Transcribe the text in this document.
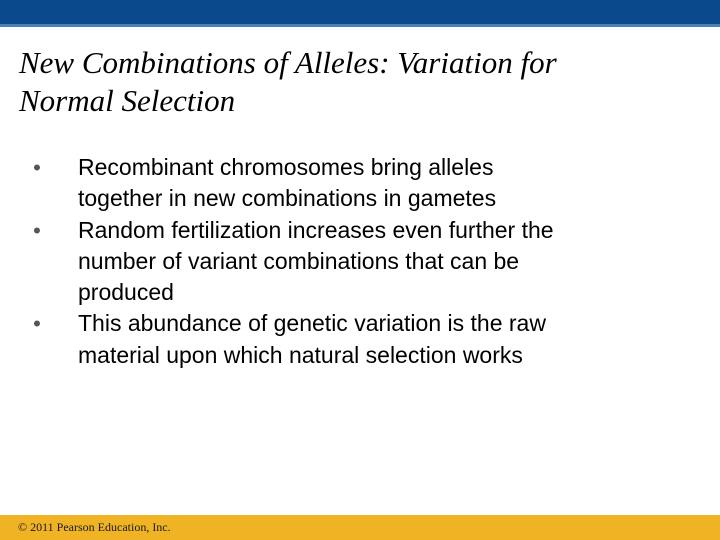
New Combinations of Alleles: Variation for
Normal Selection
• Recombinant chromosomes bring alleles
together in new combinations in gametes
• Random fertilization increases even further the
number of variant combinations that can be
produced
• This abundance of genetic variation is the raw
material upon which natural selection works

© 2011 Pearson Education, Inc.
